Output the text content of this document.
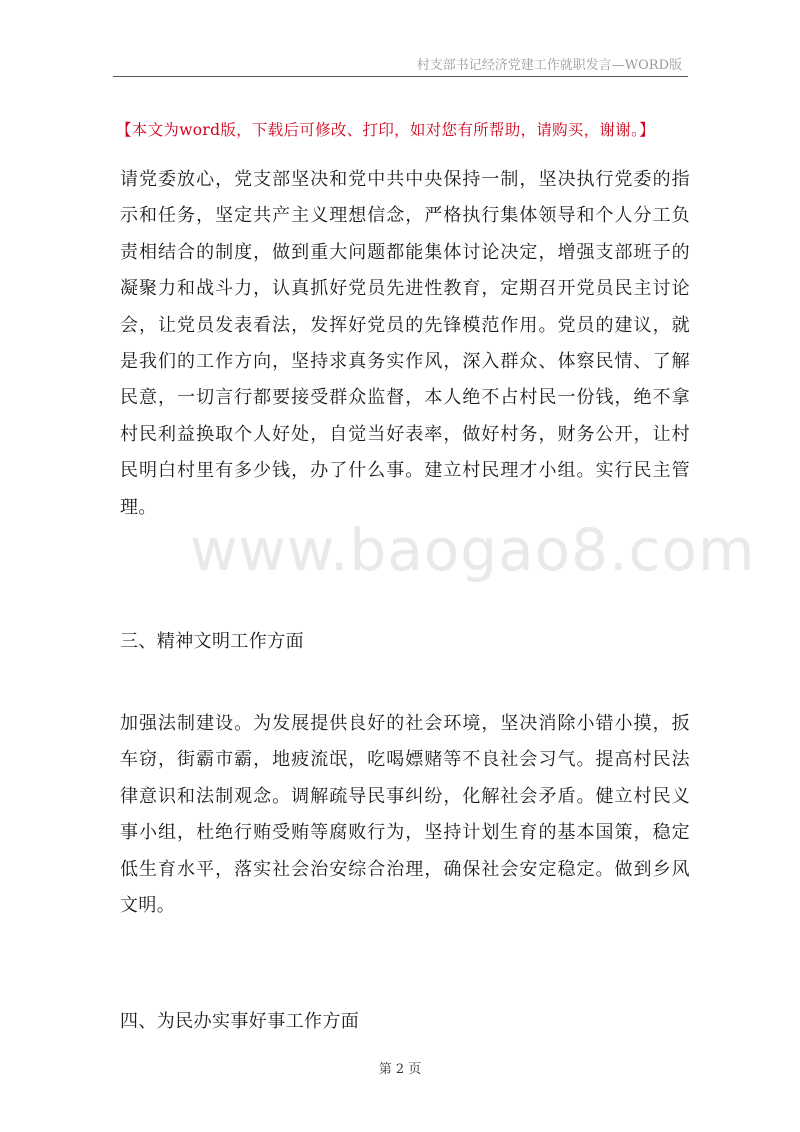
村支部书记经济党建工作就职发言—WORD版
【本文为word版，下载后可修改、打印，如对您有所帮助，请购买，谢谢。】

请党委放心，党支部坚决和党中共中央保持一制，坚决执行党委的指示和任务，坚定共产主义理想信念，严格执行集体领导和个人分工负责相结合的制度，做到重大问题都能集体讨论决定，增强支部班子的凝聚力和战斗力，认真抓好党员先进性教育，定期召开党员民主讨论会，让党员发表看法，发挥好党员的先锋模范作用。党员的建议，就是我们的工作方向，坚持求真务实作风，深入群众、体察民情、了解民意，一切言行都要接受群众监督，本人绝不占村民一份钱，绝不拿村民利益换取个人好处，自觉当好表率，做好村务，财务公开，让村民明白村里有多少钱，办了什么事。建立村民理才小组。实行民主管理。

www.baogao8.com

三、精神文明工作方面

加强法制建设。为发展提供良好的社会环境，坚决消除小错小摸，扳车窃，街霸市霸，地疲流氓，吃喝嫖赌等不良社会习气。提高村民法律意识和法制观念。调解疏导民事纠纷，化解社会矛盾。健立村民义事小组，杜绝行贿受贿等腐败行为，坚持计划生育的基本国策，稳定低生育水平，落实社会治安综合治理，确保社会安定稳定。做到乡风文明。

四、为民办实事好事工作方面

第 2 页
